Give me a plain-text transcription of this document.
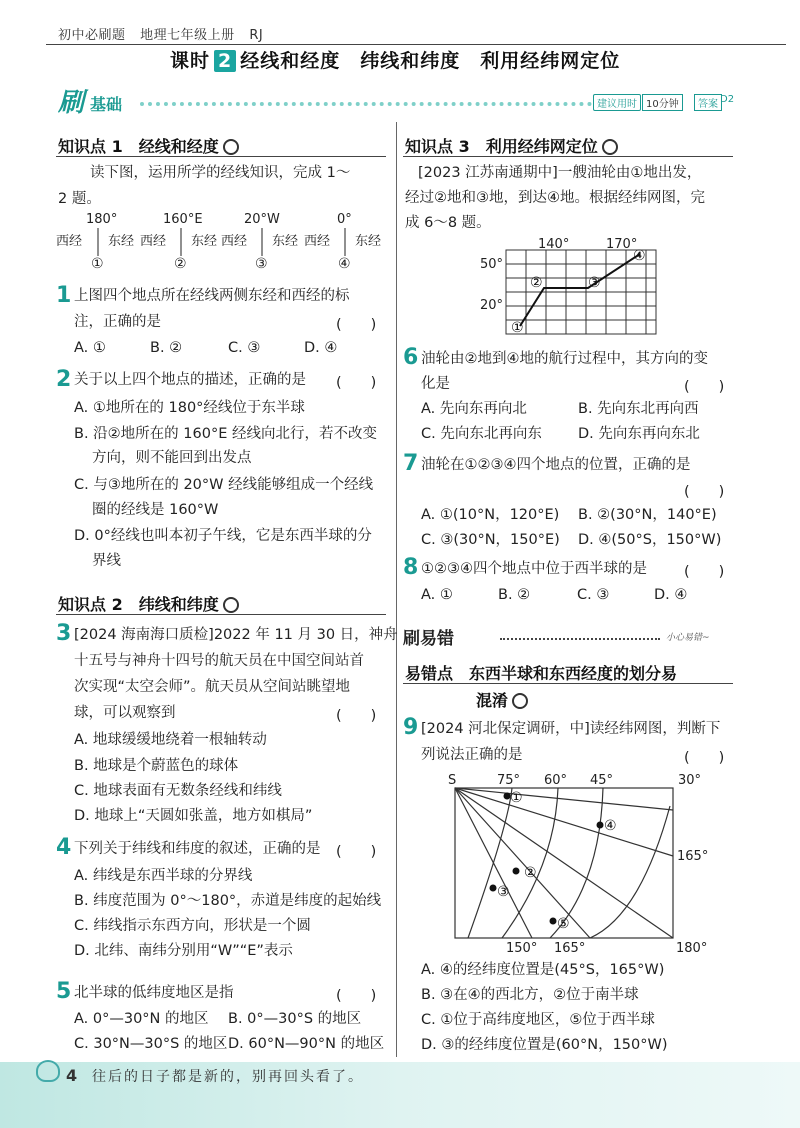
初中必刷题 地理七年级上册 RJ
课时 2 经线和经度　纬线和纬度　利用经纬网定位
刷 基础	建议用时 10分钟	答案 D2
知识点 1　经线和经度
读下图，运用所学的经线知识，完成 1～
2 题。
180°	160°E	20°W	0°
西经 东经 西经 东经 西经 东经 西经 东经
①	②	③	④
1 上图四个地点所在经线两侧东经和西经的标
注，正确的是	(　　)
A. ①	B. ②	C. ③	D. ④
2 关于以上四个地点的描述，正确的是 (　　)
A. ①地所在的 180°经线位于东半球
B. 沿②地所在的 160°E 经线向北行，若不改变
方向，则不能回到出发点
C. 与③地所在的 20°W 经线能够组成一个经线
圈的经线是 160°W
D. 0°经线也叫本初子午线，它是东西半球的分
界线
知识点 2　纬线和纬度
3 [2024 海南海口质检]2022 年 11 月 30 日，神舟
十五号与神舟十四号的航天员在中国空间站首
次实现“太空会师”。航天员从空间站眺望地
球，可以观察到	(　　)
A. 地球缓缓地绕着一根轴转动
B. 地球是个蔚蓝色的球体
C. 地球表面有无数条经线和纬线
D. 地球上“天圆如张盖，地方如棋局”
4 下列关于纬线和纬度的叙述，正确的是 (　　)
A. 纬线是东西半球的分界线
B. 纬度范围为 0°～180°，赤道是纬度的起始线
C. 纬线指示东西方向，形状是一个圆
D. 北纬、南纬分别用“W”“E”表示
5 北半球的低纬度地区是指	(　　)
A. 0°—30°N 的地区 B. 0°—30°S 的地区
C. 30°N—30°S 的地区 D. 60°N—90°N 的地区
知识点 3　利用经纬网定位
[2023 江苏南通期中]一艘油轮由①地出发，
经过②地和③地，到达④地。根据经纬网图，完
成 6～8 题。
140°	170°
50°
20°
①
②	③
④
6 油轮由②地到④地的航行过程中，其方向的变
化是	(　　)
A. 先向东再向北	B. 先向东北再向西
C. 先向东北再向东 D. 先向东再向东北
7 油轮在①②③④四个地点的位置，正确的是
(　　)
A. ①(10°N，120°E) B. ②(30°N，140°E)
C. ③(30°N，150°E) D. ④(50°S，150°W)
8 ①②③④四个地点中位于西半球的是	(　　)
A. ①	B. ②	C. ③	D. ④
刷易错	小心易错~
易错点　东西半球和东西经度的划分易
混淆
9 [2024 河北保定调研，中]读经纬网图，判断下
列说法正确的是	(　　)
S	75° 60° 45°	30°
165°
150° 165°	180°
①
②
③
④
⑤
A. ④的经纬度位置是(45°S，165°W)
B. ③在④的西北方，②位于南半球
C. ①位于高纬度地区，⑤位于西半球
D. ③的经纬度位置是(60°N，150°W)
4 往后的日子都是新的，别再回头看了。
